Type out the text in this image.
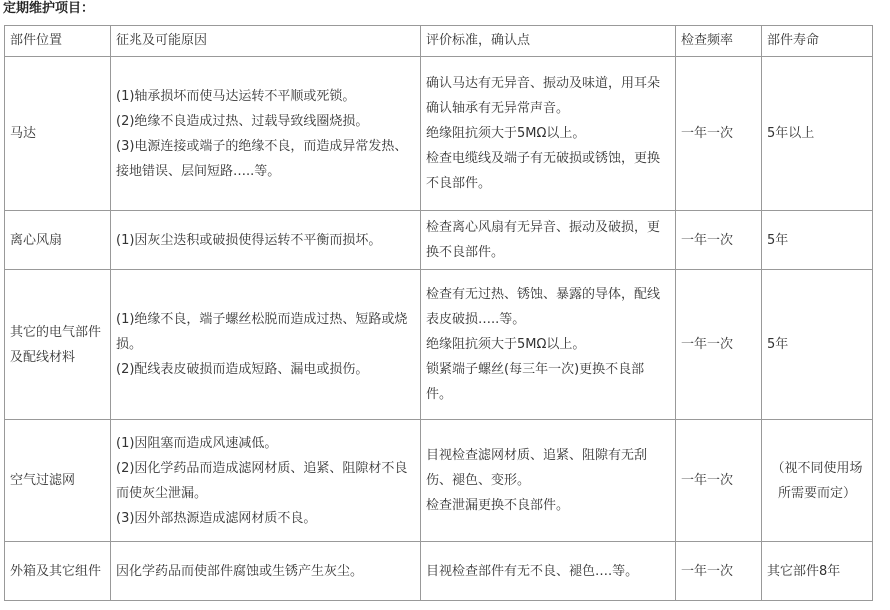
定期维护项目：
部件位置	征兆及可能原因	评价标准，确认点	检查频率	部件寿命

马达	(1)轴承损坏而使马达运转不平顺或死锁。
(2)绝缘不良造成过热、过载导致线圈烧损。
(3)电源连接或端子的绝缘不良，而造成异常发热、接地错误、层间短路…..等。	确认马达有无异音、振动及味道，用耳朵确认轴承有无异常声音。
绝缘阻抗须大于5MΩ以上。
检查电缆线及端子有无破损或锈蚀，更换不良部件。	一年一次	5年以上

离心风扇	(1)因灰尘迭积或破损使得运转不平衡而损坏。	检查离心风扇有无异音、振动及破损，更换不良部件。	一年一次	5年

其它的电气部件及配线材料	(1)绝缘不良，端子螺丝松脱而造成过热、短路或烧损。
(2)配线表皮破损而造成短路、漏电或损伤。	检查有无过热、锈蚀、暴露的导体，配线表皮破损…..等。
绝缘阻抗须大于5MΩ以上。
锁紧端子螺丝(每三年一次)更换不良部件。	一年一次	5年

空气过滤网	(1)因阻塞而造成风速减低。
(2)因化学药品而造成滤网材质、追紧、阻隙材不良而使灰尘泄漏。
(3)因外部热源造成滤网材质不良。	目视检查滤网材质、追紧、阻隙有无刮伤、褪色、变形。
检查泄漏更换不良部件。	一年一次	（视不同使用场所需要而定）

外箱及其它组件	因化学药品而使部件腐蚀或生锈产生灰尘。	目视检查部件有无不良、褪色….等。	一年一次	其它部件8年
